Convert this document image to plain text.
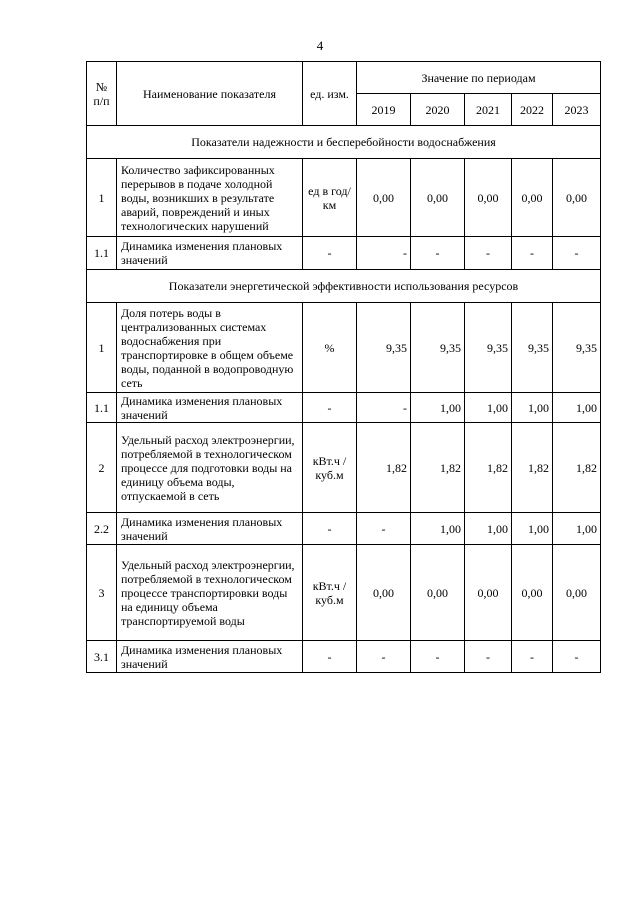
4
№ п/п	Наименование показателя	ед. изм.	Значение по периодам				
			2019	2020	2021	2022	2023
Показатели надежности и бесперебойности водоснабжения							
1	Количество зафиксированных перерывов в подаче холодной воды, возникших в результате аварий, повреждений и иных технологических нарушений	ед в год/ км	0,00	0,00	0,00	0,00	0,00
1.1	Динамика изменения плановых значений	-	-	-	-	-	-
Показатели энергетической эффективности использования ресурсов							
1	Доля потерь воды в централизованных системах водоснабжения при транспортировке в общем объеме воды, поданной в водопроводную сеть	%	9,35	9,35	9,35	9,35	9,35
1.1	Динамика изменения плановых значений	-	-	1,00	1,00	1,00	1,00
2	Удельный расход электроэнергии, потребляемой в технологическом процессе для подготовки воды на единицу объема воды, отпускаемой в сеть	кВт.ч / куб.м	1,82	1,82	1,82	1,82	1,82
2.2	Динамика изменения плановых значений	-	-	1,00	1,00	1,00	1,00
3	Удельный расход электроэнергии, потребляемой в технологическом процессе транспортировки воды на единицу объема транспортируемой воды	кВт.ч / куб.м	0,00	0,00	0,00	0,00	0,00
3.1	Динамика изменения плановых значений	-	-	-	-	-	-
